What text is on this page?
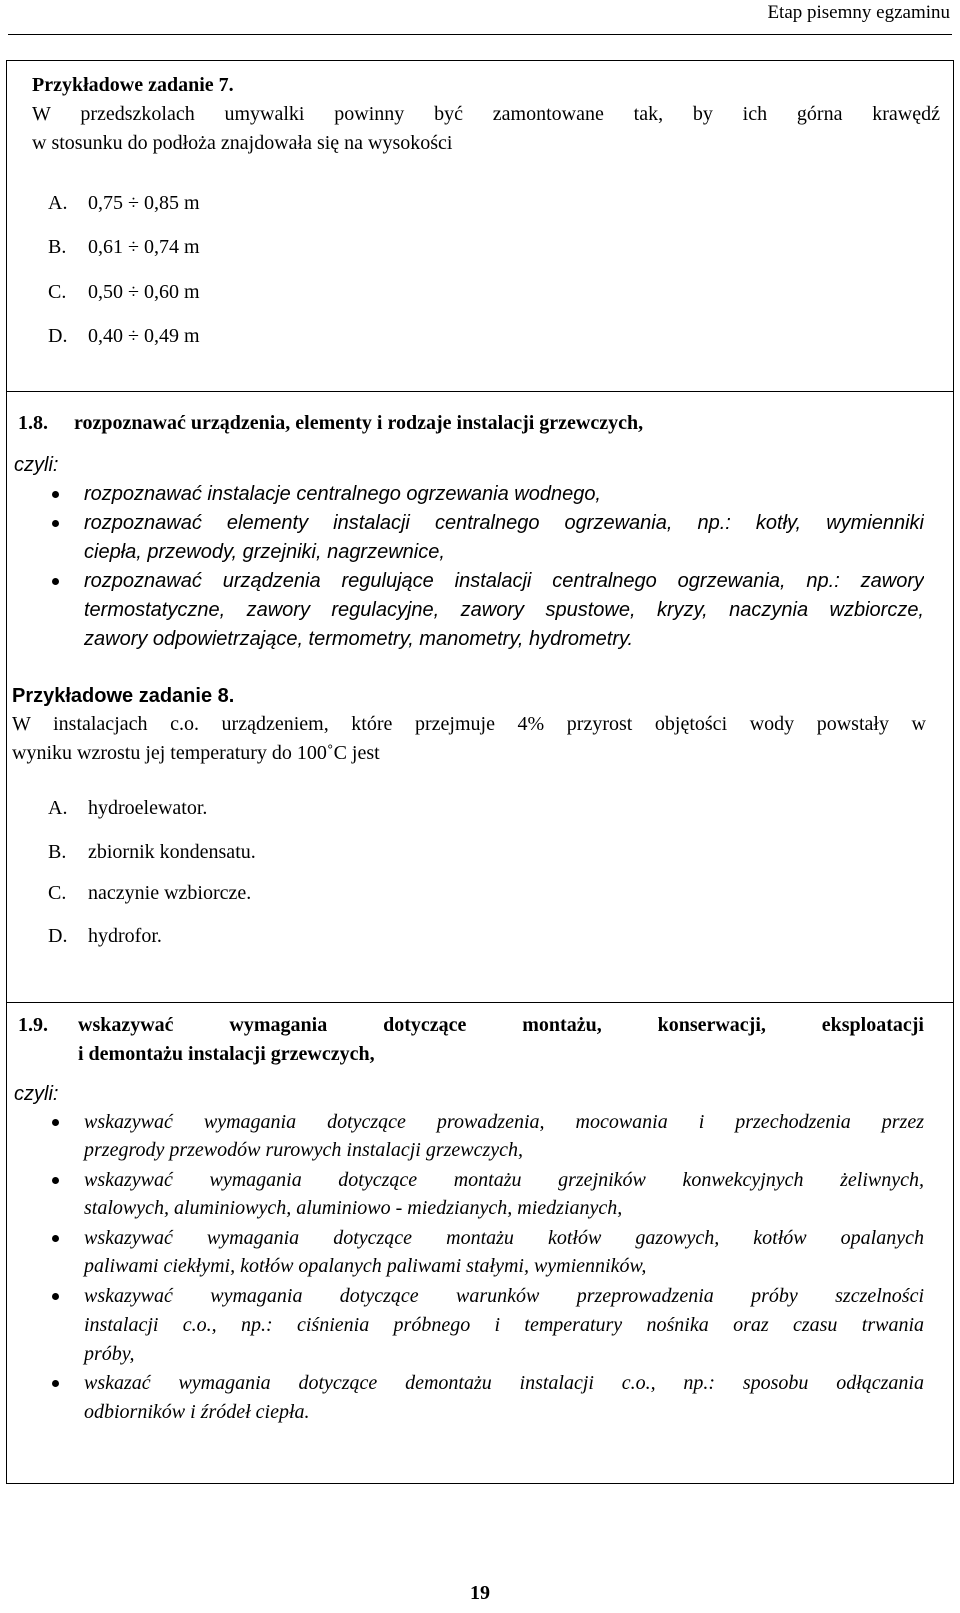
Etap pisemny egzaminu
Przykładowe zadanie 7.
W przedszkolach umywalki powinny być zamontowane tak, by ich górna krawędź
w stosunku do podłoża znajdowała się na wysokości
A. 0,75 ÷ 0,85 m
B. 0,61 ÷ 0,74 m
C. 0,50 ÷ 0,60 m
D. 0,40 ÷ 0,49 m
1.8. rozpoznawać urządzenia, elementy i rodzaje instalacji grzewczych,
czyli:
rozpoznawać instalacje centralnego ogrzewania wodnego,
rozpoznawać elementy instalacji centralnego ogrzewania, np.: kotły, wymienniki
ciepła, przewody, grzejniki, nagrzewnice,
rozpoznawać urządzenia regulujące instalacji centralnego ogrzewania, np.: zawory
termostatyczne, zawory regulacyjne, zawory spustowe, kryzy, naczynia wzbiorcze,
zawory odpowietrzające, termometry, manometry, hydrometry.
Przykładowe zadanie 8.
W instalacjach c.o. urządzeniem, które przejmuje 4% przyrost objętości wody powstały w
wyniku wzrostu jej temperatury do 100˚C jest
A. hydroelewator.
B. zbiornik kondensatu.
C. naczynie wzbiorcze.
D. hydrofor.
1.9. wskazywać wymagania dotyczące montażu, konserwacji, eksploatacji
i demontażu instalacji grzewczych,
czyli:
wskazywać wymagania dotyczące prowadzenia, mocowania i przechodzenia przez
przegrody przewodów rurowych instalacji grzewczych,
wskazywać wymagania dotyczące montażu grzejników konwekcyjnych żeliwnych,
stalowych, aluminiowych, aluminiowo - miedzianych, miedzianych,
wskazywać wymagania dotyczące montażu kotłów gazowych, kotłów opalanych
paliwami ciekłymi, kotłów opalanych paliwami stałymi, wymienników,
wskazywać wymagania dotyczące warunków przeprowadzenia próby szczelności
instalacji c.o., np.: ciśnienia próbnego i temperatury nośnika oraz czasu trwania
próby,
wskazać wymagania dotyczące demontażu instalacji c.o., np.: sposobu odłączania
odbiorników i źródeł ciepła.
19
